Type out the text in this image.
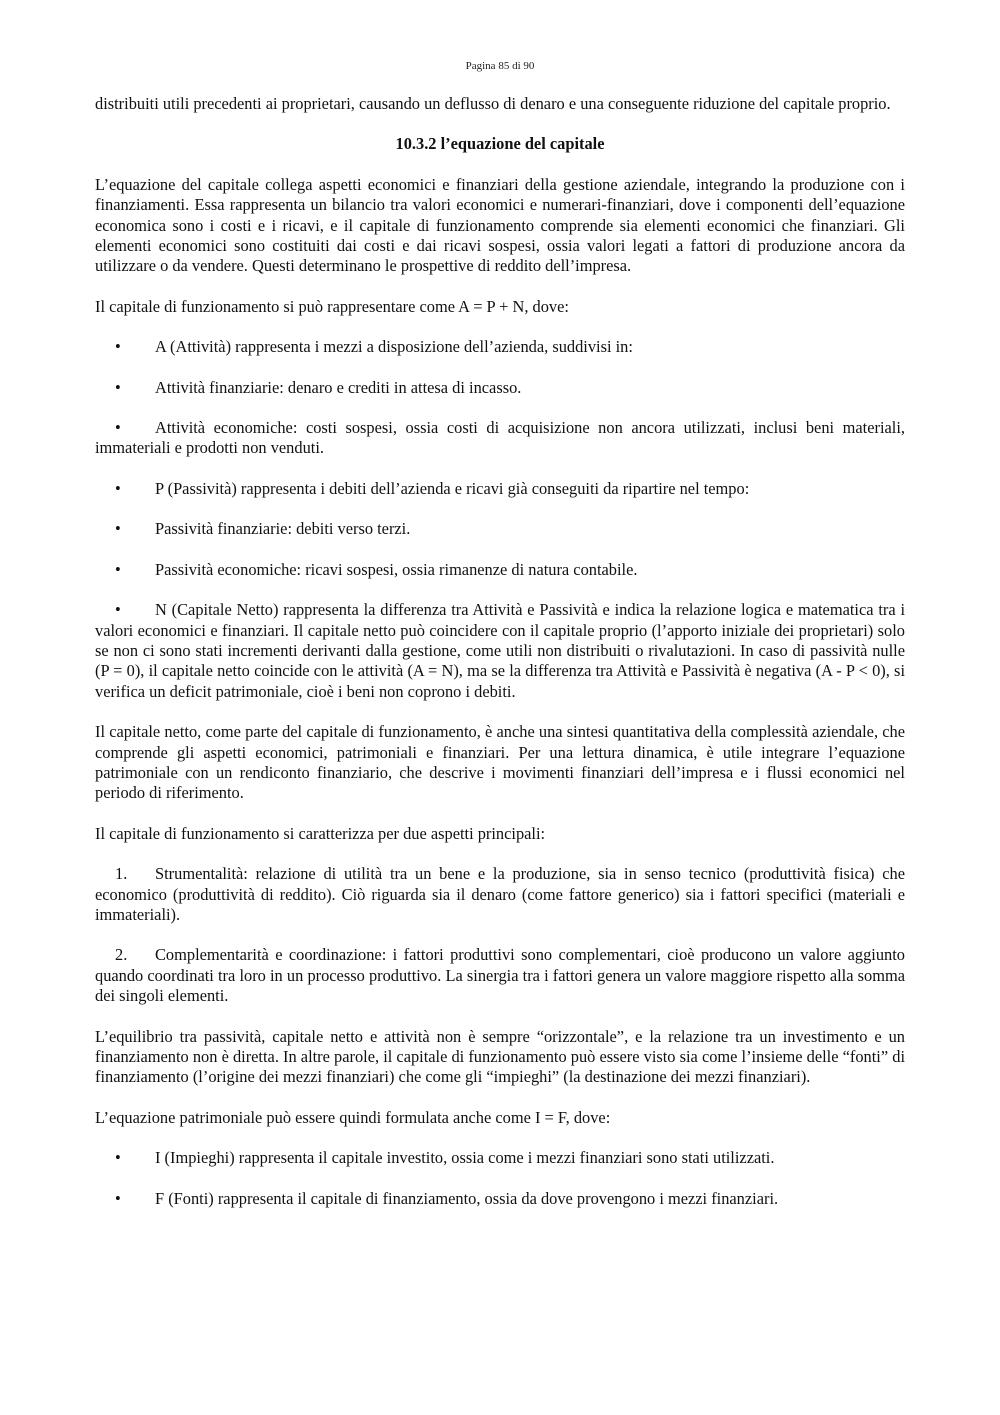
Pagina 85 di 90

distribuiti utili precedenti ai proprietari, causando un deflusso di denaro e una conseguente riduzione del capitale proprio.

10.3.2 l’equazione del capitale

L’equazione del capitale collega aspetti economici e finanziari della gestione aziendale, integrando la produzione con i finanziamenti. Essa rappresenta un bilancio tra valori economici e numerari-finanziari, dove i componenti dell’equazione economica sono i costi e i ricavi, e il capitale di funzionamento comprende sia elementi economici che finanziari. Gli elementi economici sono costituiti dai costi e dai ricavi sospesi, ossia valori legati a fattori di produzione ancora da utilizzare o da vendere. Questi determinano le prospettive di reddito dell’impresa.

Il capitale di funzionamento si può rappresentare come A = P + N, dove:

• A (Attività) rappresenta i mezzi a disposizione dell’azienda, suddivisi in:
• Attività finanziarie: denaro e crediti in attesa di incasso.
• Attività economiche: costi sospesi, ossia costi di acquisizione non ancora utilizzati, inclusi beni materiali, immateriali e prodotti non venduti.
• P (Passività) rappresenta i debiti dell’azienda e ricavi già conseguiti da ripartire nel tempo:
• Passività finanziarie: debiti verso terzi.
• Passività economiche: ricavi sospesi, ossia rimanenze di natura contabile.
• N (Capitale Netto) rappresenta la differenza tra Attività e Passività e indica la relazione logica e matematica tra i valori economici e finanziari. Il capitale netto può coincidere con il capitale proprio (l’apporto iniziale dei proprietari) solo se non ci sono stati incrementi derivanti dalla gestione, come utili non distribuiti o rivalutazioni. In caso di passività nulle (P = 0), il capitale netto coincide con le attività (A = N), ma se la differenza tra Attività e Passività è negativa (A - P < 0), si verifica un deficit patrimoniale, cioè i beni non coprono i debiti.

Il capitale netto, come parte del capitale di funzionamento, è anche una sintesi quantitativa della complessità aziendale, che comprende gli aspetti economici, patrimoniali e finanziari. Per una lettura dinamica, è utile integrare l’equazione patrimoniale con un rendiconto finanziario, che descrive i movimenti finanziari dell’impresa e i flussi economici nel periodo di riferimento.

Il capitale di funzionamento si caratterizza per due aspetti principali:

1. Strumentalità: relazione di utilità tra un bene e la produzione, sia in senso tecnico (produttività fisica) che economico (produttività di reddito). Ciò riguarda sia il denaro (come fattore generico) sia i fattori specifici (materiali e immateriali).
2. Complementarità e coordinazione: i fattori produttivi sono complementari, cioè producono un valore aggiunto quando coordinati tra loro in un processo produttivo. La sinergia tra i fattori genera un valore maggiore rispetto alla somma dei singoli elementi.

L’equilibrio tra passività, capitale netto e attività non è sempre “orizzontale”, e la relazione tra un investimento e un finanziamento non è diretta. In altre parole, il capitale di funzionamento può essere visto sia come l’insieme delle “fonti” di finanziamento (l’origine dei mezzi finanziari) che come gli “impieghi” (la destinazione dei mezzi finanziari).

L’equazione patrimoniale può essere quindi formulata anche come I = F, dove:

• I (Impieghi) rappresenta il capitale investito, ossia come i mezzi finanziari sono stati utilizzati.
• F (Fonti) rappresenta il capitale di finanziamento, ossia da dove provengono i mezzi finanziari.
